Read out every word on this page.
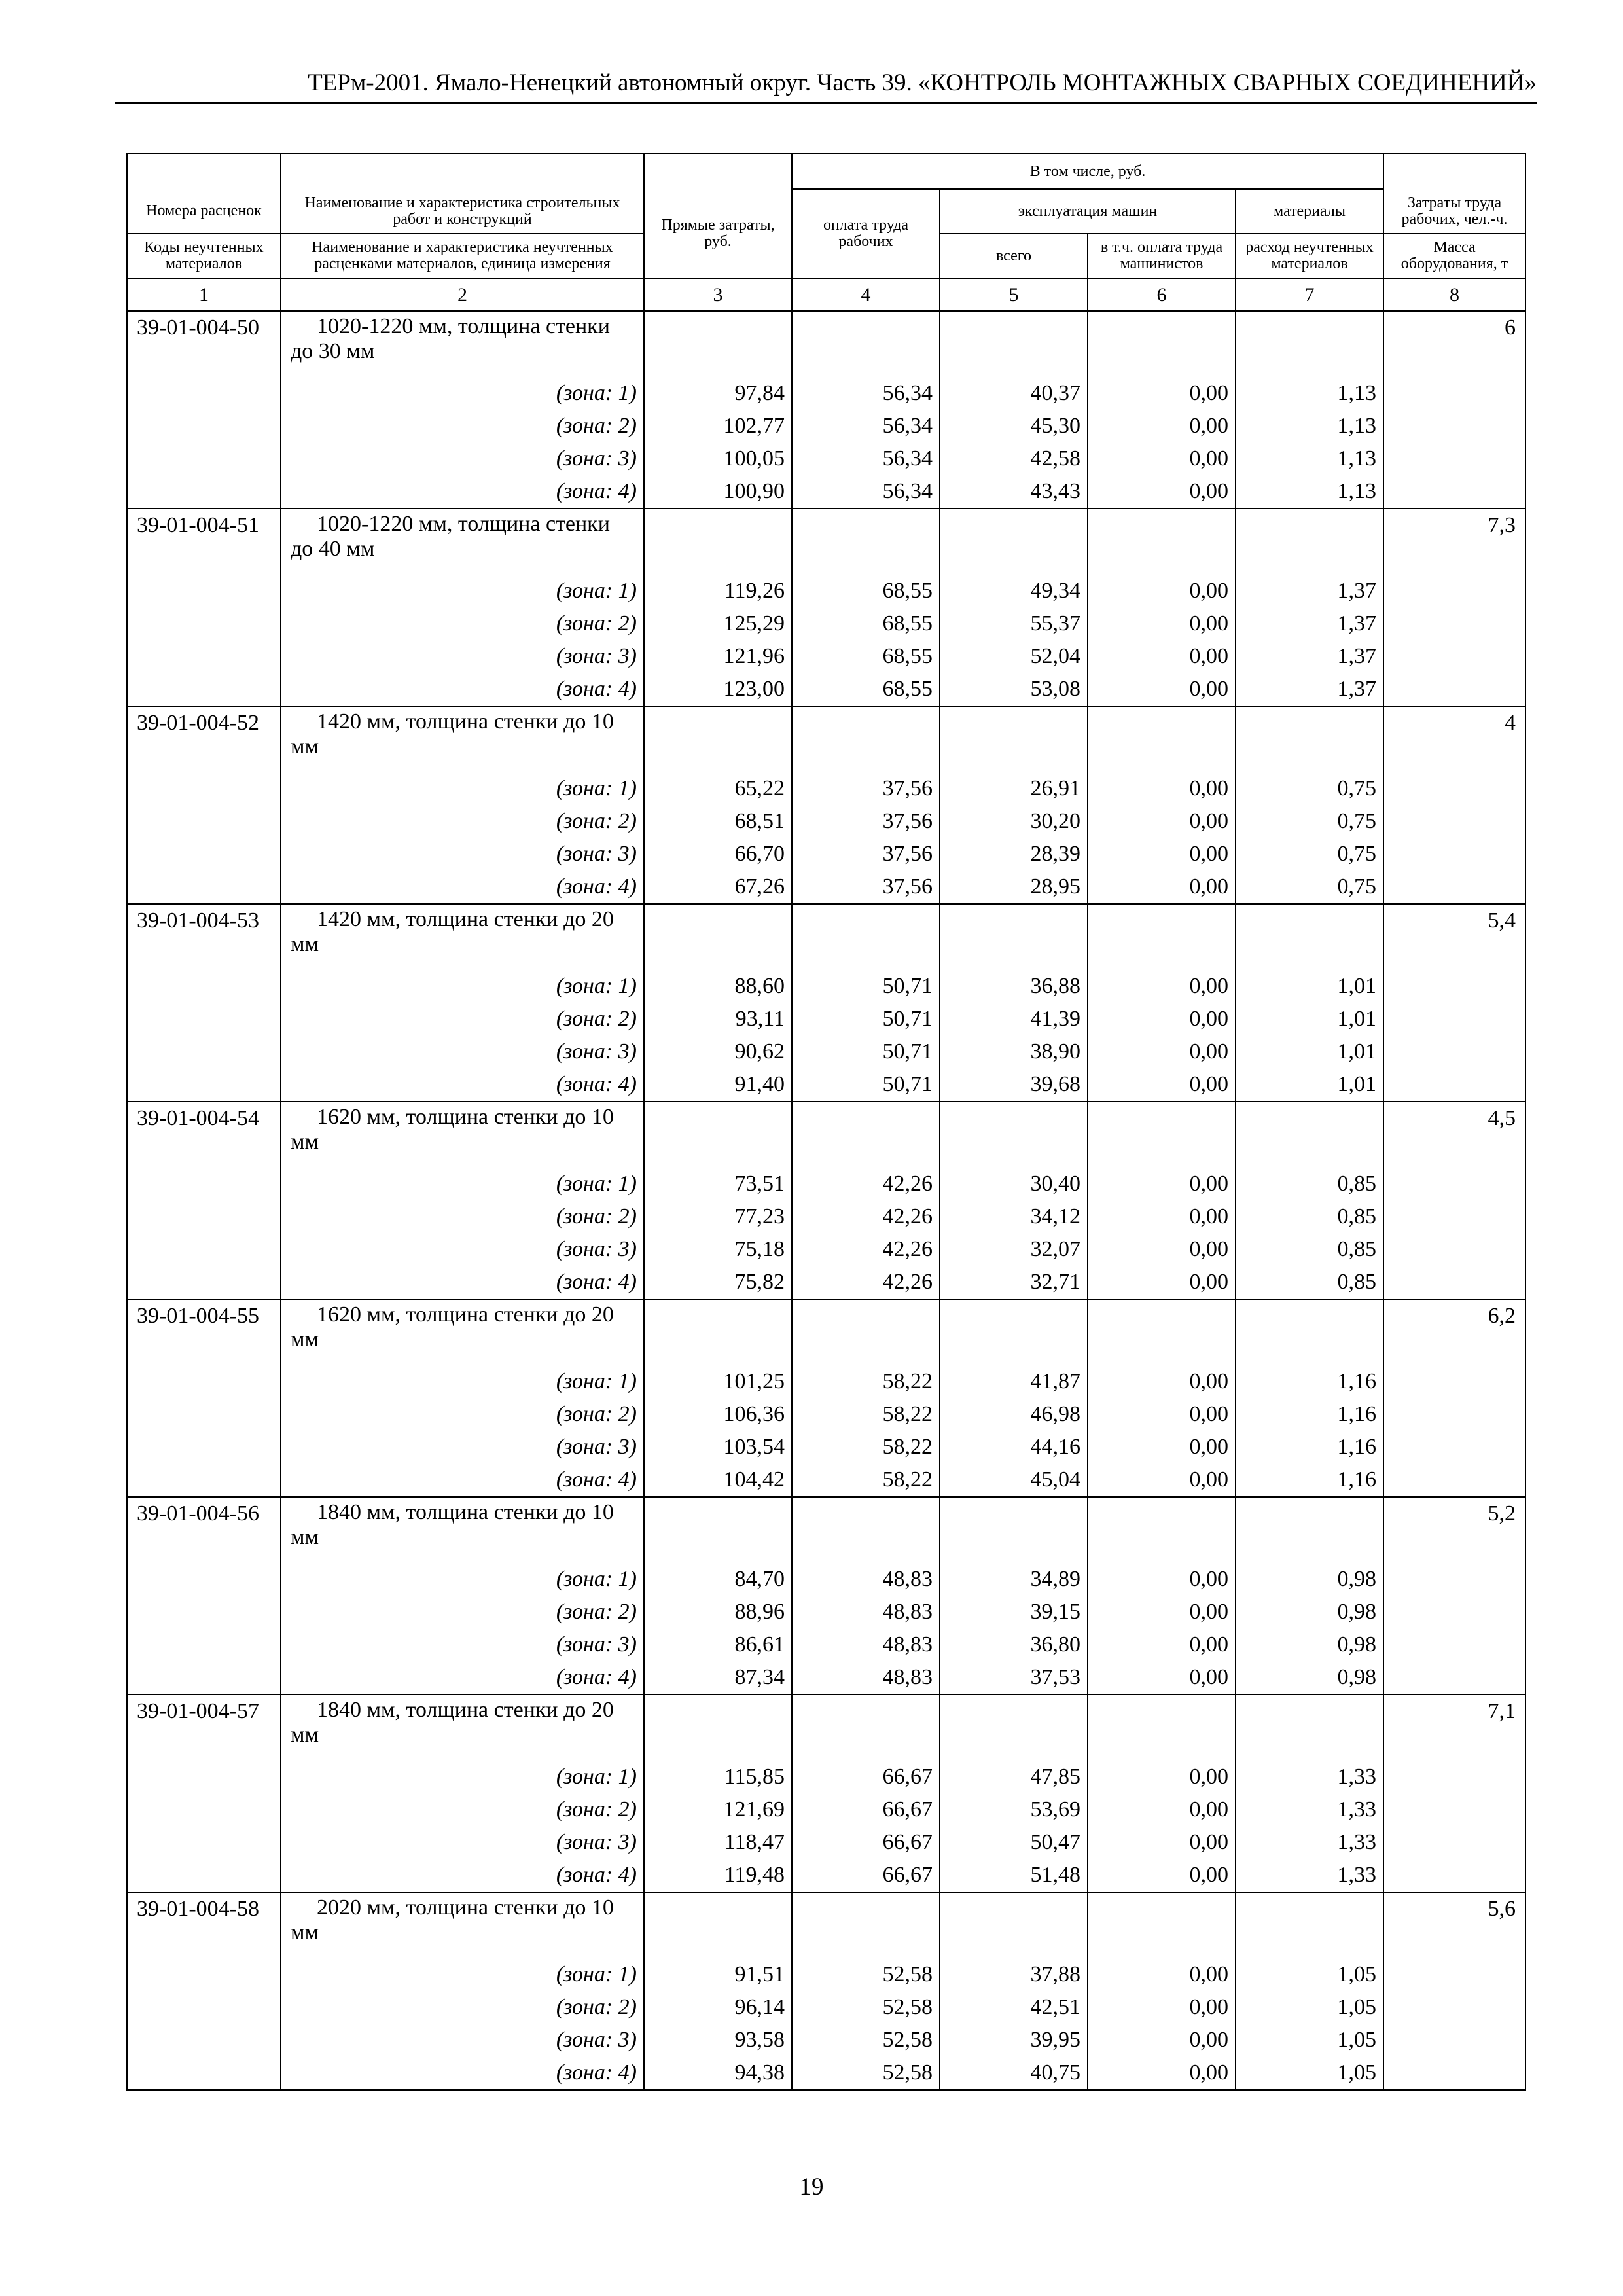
ТЕРм-2001. Ямало-Ненецкий автономный округ. Часть 39. «КОНТРОЛЬ МОНТАЖНЫХ СВАРНЫХ СОЕДИНЕНИЙ»
			В том числе, руб.				
Номера расценок	Наименование и характеристика строительных работ и конструкций	Прямые затраты, руб.	оплата труда рабочих	эксплуатация машин		материалы	Затраты труда рабочих, чел.-ч.
Коды неучтенных материалов	Наименование и характеристика неучтенных расценками материалов, единица измерения			всего	в т.ч. оплата труда машинистов	расход неучтенных материалов	Масса оборудования, т
1	2	3	4	5	6	7	8
39-01-004-50	1020-1220 мм, толщина стенки до 30 мм						6
	(зона: 1)	97,84	56,34	40,37	0,00	1,13	
	(зона: 2)	102,77	56,34	45,30	0,00	1,13	
	(зона: 3)	100,05	56,34	42,58	0,00	1,13	
	(зона: 4)	100,90	56,34	43,43	0,00	1,13	
39-01-004-51	1020-1220 мм, толщина стенки до 40 мм						7,3
	(зона: 1)	119,26	68,55	49,34	0,00	1,37	
	(зона: 2)	125,29	68,55	55,37	0,00	1,37	
	(зона: 3)	121,96	68,55	52,04	0,00	1,37	
	(зона: 4)	123,00	68,55	53,08	0,00	1,37	
39-01-004-52	1420 мм, толщина стенки до 10 мм						4
	(зона: 1)	65,22	37,56	26,91	0,00	0,75	
	(зона: 2)	68,51	37,56	30,20	0,00	0,75	
	(зона: 3)	66,70	37,56	28,39	0,00	0,75	
	(зона: 4)	67,26	37,56	28,95	0,00	0,75	
39-01-004-53	1420 мм, толщина стенки до 20 мм						5,4
	(зона: 1)	88,60	50,71	36,88	0,00	1,01	
	(зона: 2)	93,11	50,71	41,39	0,00	1,01	
	(зона: 3)	90,62	50,71	38,90	0,00	1,01	
	(зона: 4)	91,40	50,71	39,68	0,00	1,01	
39-01-004-54	1620 мм, толщина стенки до 10 мм						4,5
	(зона: 1)	73,51	42,26	30,40	0,00	0,85	
	(зона: 2)	77,23	42,26	34,12	0,00	0,85	
	(зона: 3)	75,18	42,26	32,07	0,00	0,85	
	(зона: 4)	75,82	42,26	32,71	0,00	0,85	
39-01-004-55	1620 мм, толщина стенки до 20 мм						6,2
	(зона: 1)	101,25	58,22	41,87	0,00	1,16	
	(зона: 2)	106,36	58,22	46,98	0,00	1,16	
	(зона: 3)	103,54	58,22	44,16	0,00	1,16	
	(зона: 4)	104,42	58,22	45,04	0,00	1,16	
39-01-004-56	1840 мм, толщина стенки до 10 мм						5,2
	(зона: 1)	84,70	48,83	34,89	0,00	0,98	
	(зона: 2)	88,96	48,83	39,15	0,00	0,98	
	(зона: 3)	86,61	48,83	36,80	0,00	0,98	
	(зона: 4)	87,34	48,83	37,53	0,00	0,98	
39-01-004-57	1840 мм, толщина стенки до 20 мм						7,1
	(зона: 1)	115,85	66,67	47,85	0,00	1,33	
	(зона: 2)	121,69	66,67	53,69	0,00	1,33	
	(зона: 3)	118,47	66,67	50,47	0,00	1,33	
	(зона: 4)	119,48	66,67	51,48	0,00	1,33	
39-01-004-58	2020 мм, толщина стенки до 10 мм						5,6
	(зона: 1)	91,51	52,58	37,88	0,00	1,05	
	(зона: 2)	96,14	52,58	42,51	0,00	1,05	
	(зона: 3)	93,58	52,58	39,95	0,00	1,05	
	(зона: 4)	94,38	52,58	40,75	0,00	1,05	
19
